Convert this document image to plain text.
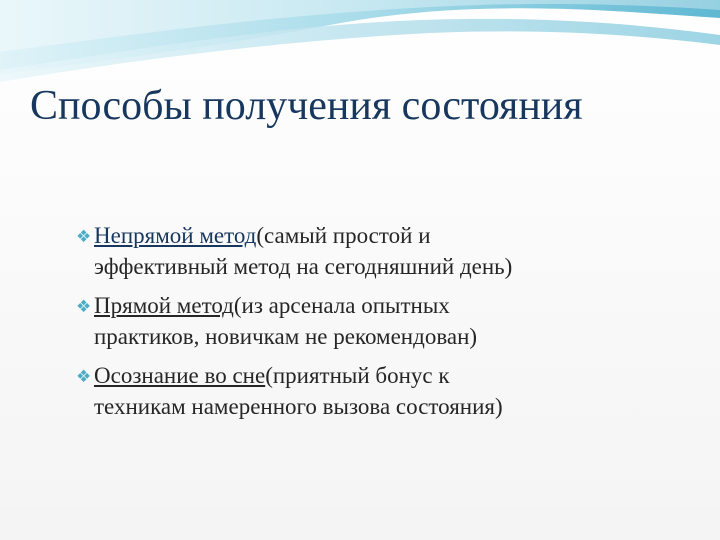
Способы получения состояния
❖ Непрямой метод(самый простой и
эффективный метод на сегодняшний день)
❖ Прямой метод(из арсенала опытных
практиков, новичкам не рекомендован)
❖ Осознание во сне(приятный бонус к
техникам намеренного вызова состояния)
